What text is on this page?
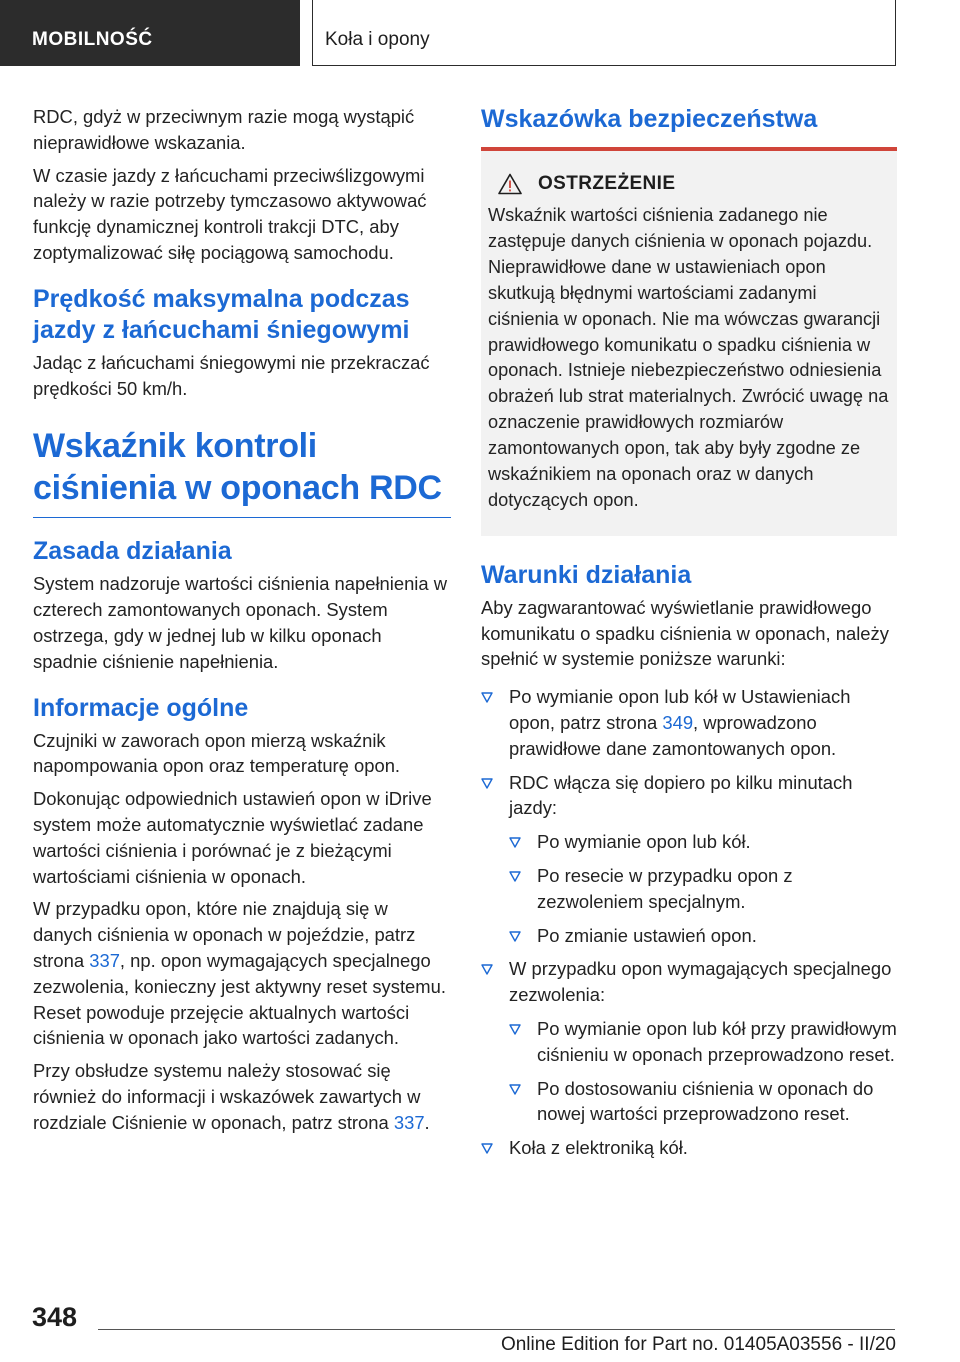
MOBILNOŚĆ	Koła i opony

RDC, gdyż w przeciwnym razie mogą wystąpić nieprawidłowe wskazania.

W czasie jazdy z łańcuchami przeciwślizgowymi należy w razie potrzeby tymczasowo aktywować funkcję dynamicznej kontroli trakcji DTC, aby zoptymalizować siłę pociągową samochodu.

Prędkość maksymalna podczas jazdy z łańcuchami śniegowymi

Jadąc z łańcuchami śniegowymi nie przekraczać prędkości 50 km/h.

Wskaźnik kontroli ciśnienia w oponach RDC
Zasada działania

System nadzoruje wartości ciśnienia napełnienia w czterech zamontowanych oponach. System ostrzega, gdy w jednej lub w kilku oponach spadnie ciśnienie napełnienia.

Informacje ogólne

Czujniki w zaworach opon mierzą wskaźnik napompowania opon oraz temperaturę opon.

Dokonując odpowiednich ustawień opon w iDrive system może automatycznie wyświetlać zadane wartości ciśnienia i porównać je z bieżącymi wartościami ciśnienia w oponach.

W przypadku opon, które nie znajdują się w danych ciśnienia w oponach w pojeździe, patrz strona 337, np. opon wymagających specjalnego zezwolenia, konieczny jest aktywny reset systemu. Reset powoduje przejęcie aktualnych wartości ciśnienia w oponach jako wartości zadanych.

Przy obsłudze systemu należy stosować się również do informacji i wskazówek zawartych w rozdziale Ciśnienie w oponach, patrz strona 337.

Wskazówka bezpieczeństwa
OSTRZEŻENIE

Wskaźnik wartości ciśnienia zadanego nie zastępuje danych ciśnienia w oponach pojazdu. Nieprawidłowe dane w ustawieniach opon skutkują błędnymi wartościami zadanymi ciśnienia w oponach. Nie ma wówczas gwarancji prawidłowego komunikatu o spadku ciśnienia w oponach. Istnieje niebezpieczeństwo odniesienia obrażeń lub strat materialnych. Zwrócić uwagę na oznaczenie prawidłowych rozmiarów zamontowanych opon, tak aby były zgodne ze wskaźnikiem na oponach oraz w danych dotyczących opon.

Warunki działania

Aby zagwarantować wyświetlanie prawidłowego komunikatu o spadku ciśnienia w oponach, należy spełnić w systemie poniższe warunki:

Po wymianie opon lub kół w Ustawieniach opon, patrz strona 349, wprowadzono prawidłowe dane zamontowanych opon.
RDC włącza się dopiero po kilku minutach jazdy:
Po wymianie opon lub kół.
Po resecie w przypadku opon z zezwoleniem specjalnym.
Po zmianie ustawień opon.
W przypadku opon wymagających specjalnego zezwolenia:
Po wymianie opon lub kół przy prawidłowym ciśnieniu w oponach przeprowadzono reset.
Po dostosowaniu ciśnienia w oponach do nowej wartości przeprowadzono reset.
Koła z elektroniką kół.
348
Online Edition for Part no. 01405A03556 - II/20
